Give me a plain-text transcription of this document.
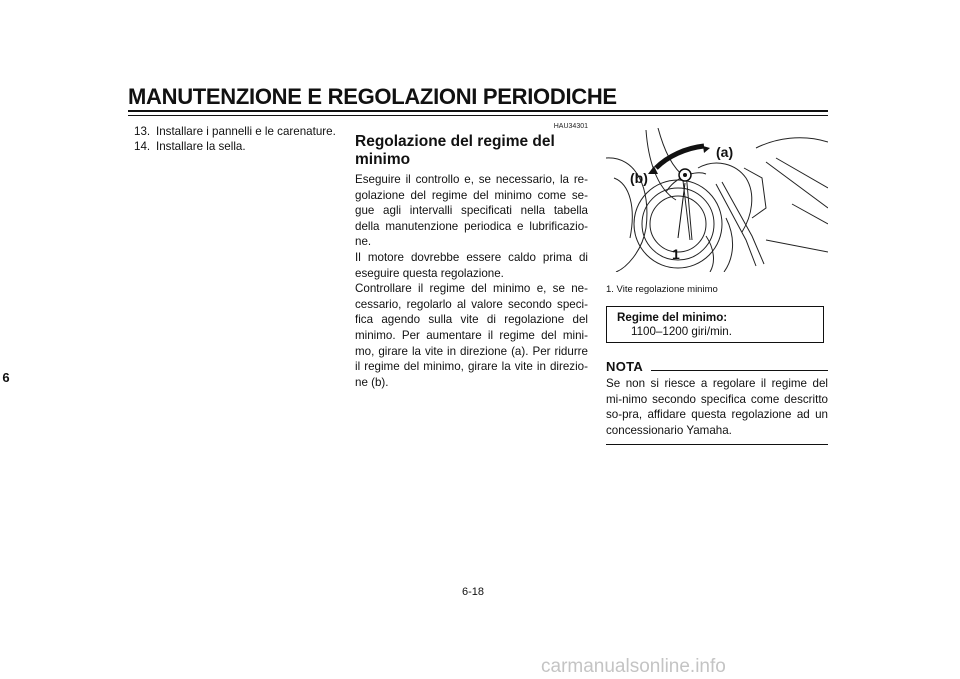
MANUTENZIONE E REGOLAZIONI PERIODICHE
6
13. Installare i pannelli e le carenature.
14. Installare la sella.
HAU34301
Regolazione del regime del minimo

Eseguire il controllo e, se necessario, la re-golazione del regime del minimo come se-gue agli intervalli specificati nella tabella della manutenzione periodica e lubrificazio-ne.

Il motore dovrebbe essere caldo prima di eseguire questa regolazione.

Controllare il regime del minimo e, se ne-cessario, regolarlo al valore secondo speci-fica agendo sulla vite di regolazione del minimo. Per aumentare il regime del mini-mo, girare la vite in direzione (a). Per ridurre il regime del minimo, girare la vite in direzio-ne (b).

(a)
(b)
1
1. Vite regolazione minimo
Regime del minimo:
1100–1200 giri/min.
NOTA
Se non si riesce a regolare il regime del mi-nimo secondo specifica come descritto so-pra, affidare questa regolazione ad un concessionario Yamaha.
6-18
carmanualsonline.info
